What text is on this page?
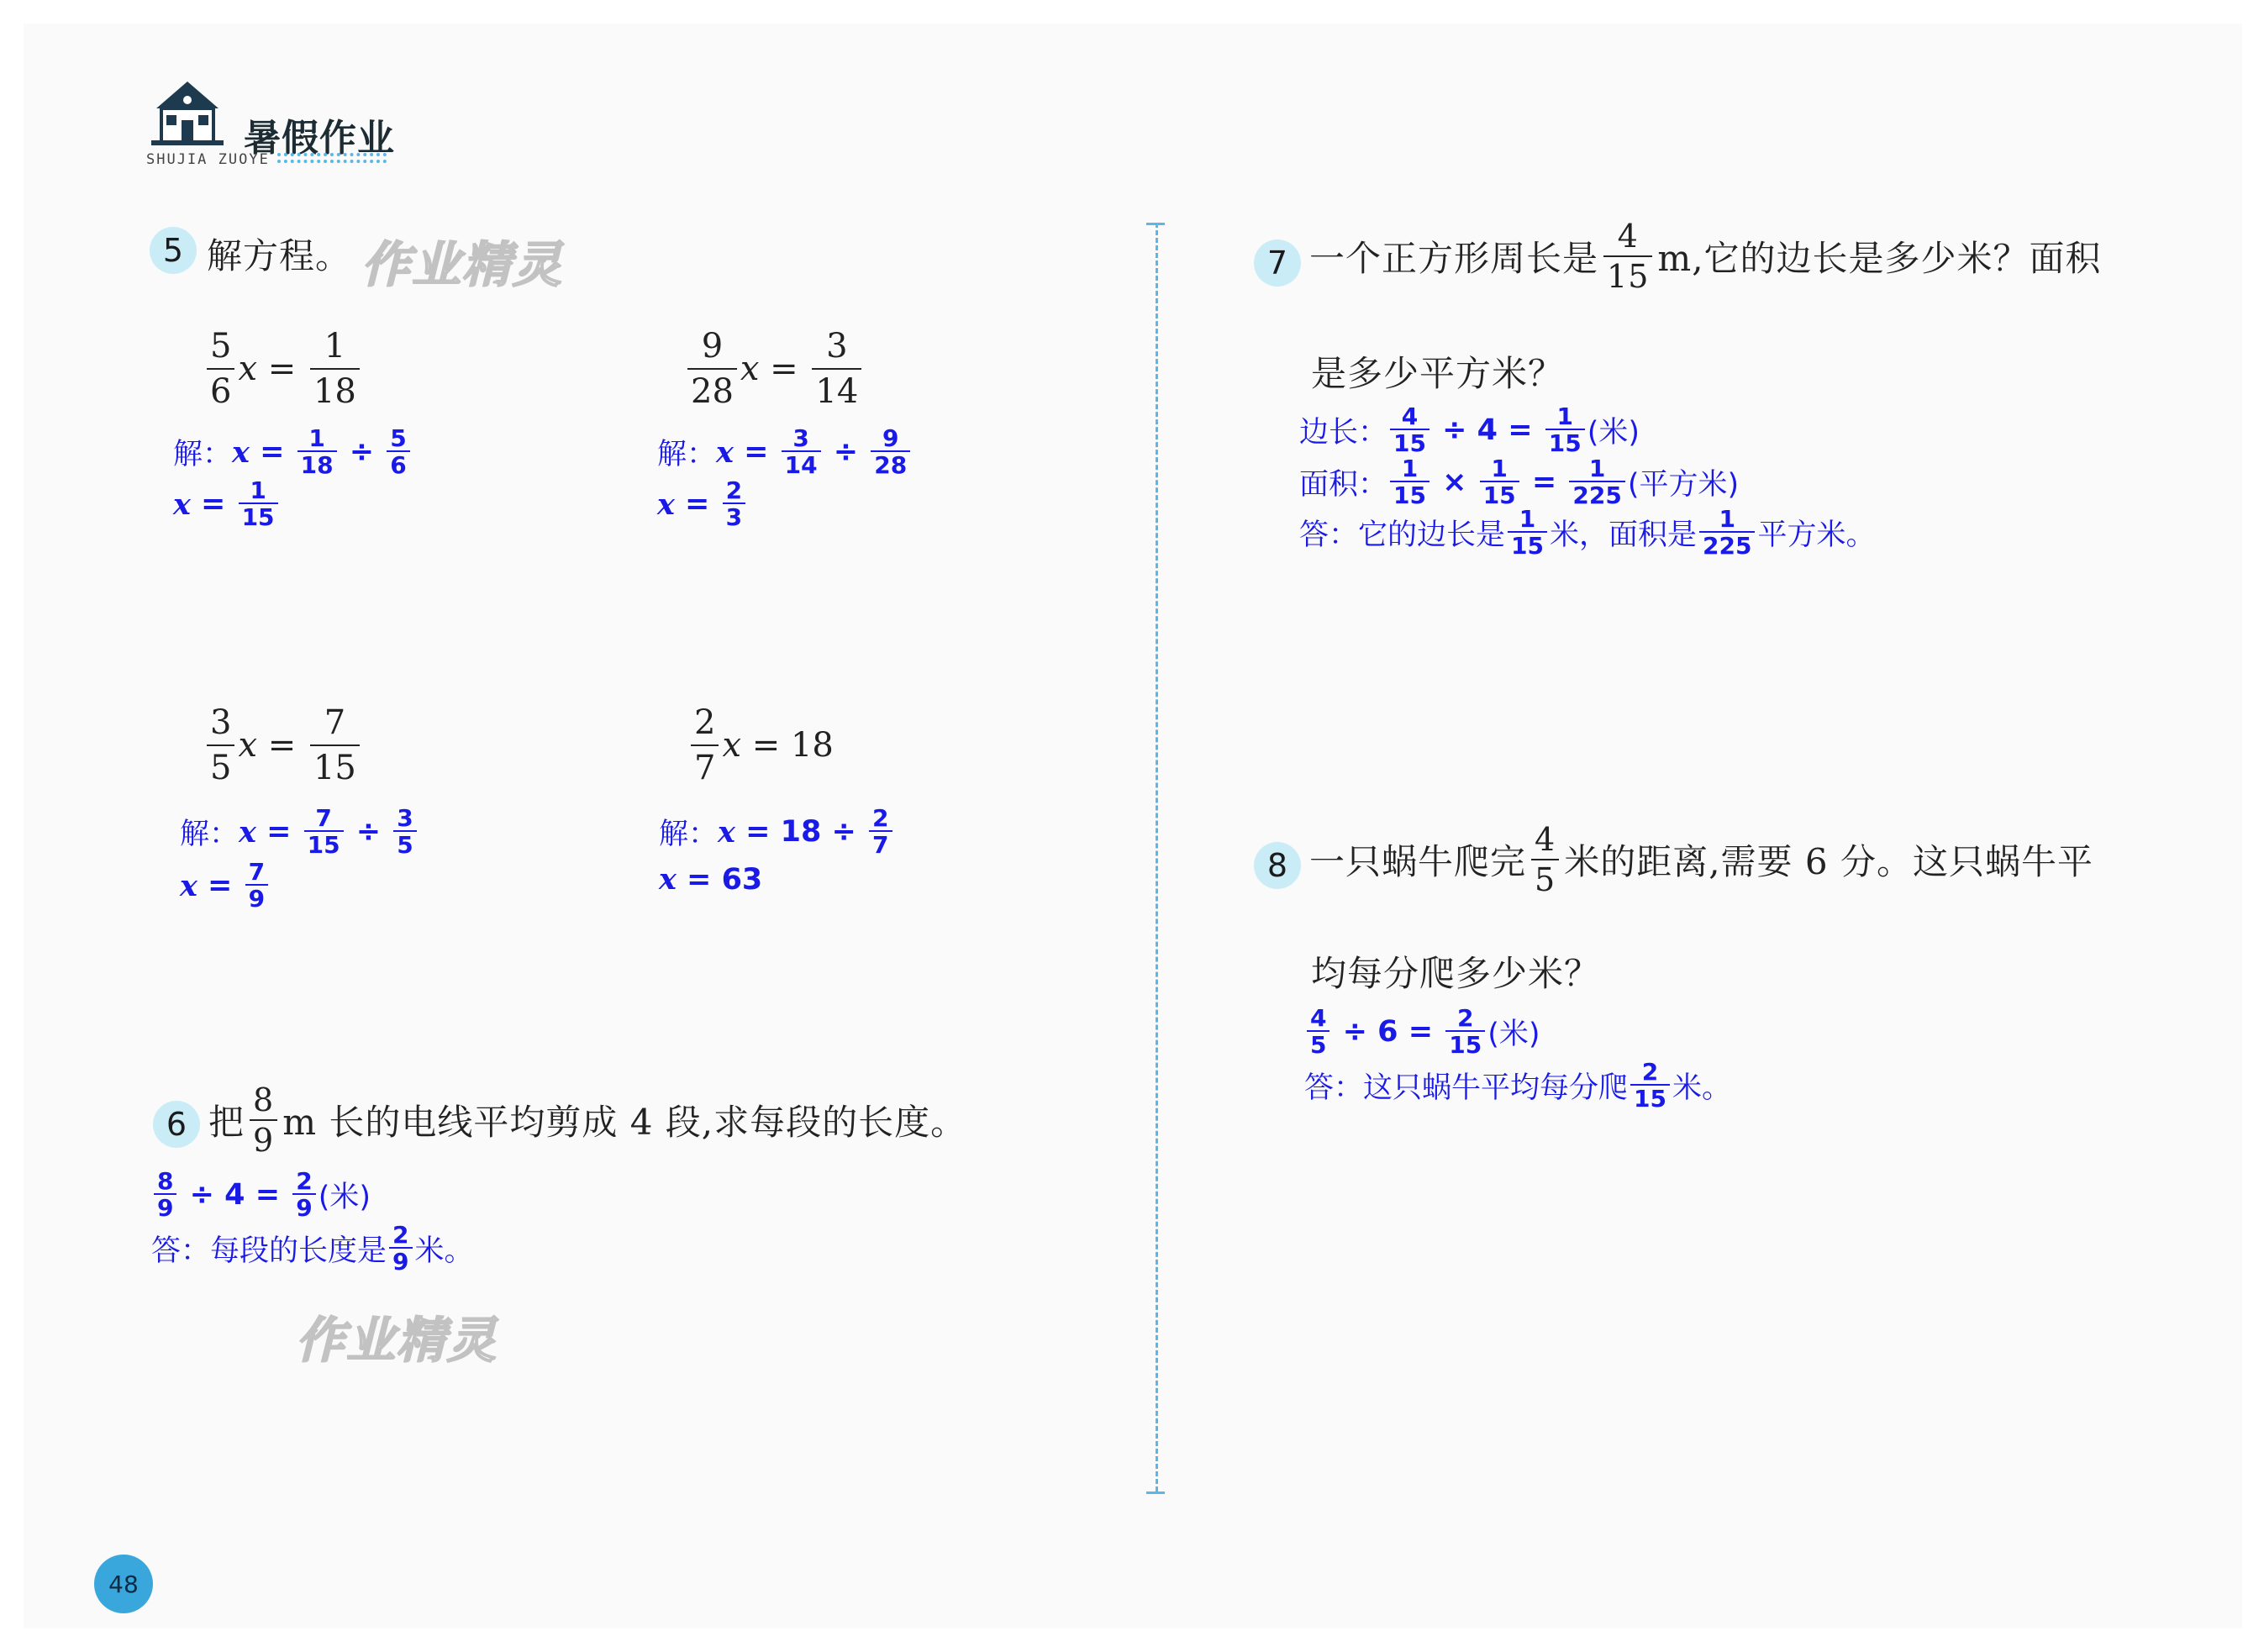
暑假作业
SHUJIA ZUOYE
5 解方程。 作业精灵
$\frac{5}{6}$ $x = \frac{1}{18}$
解： $x = \frac{1}{18}$
÷
$\frac{5}{6}$
$x = \frac{1}{15}$
$\frac{9}{28}$ $x = \frac{3}{14}$
解： $x = \frac{3}{14}$
÷
$\frac{9}{28}$
$x = \frac{2}{3}$
$\frac{3}{5}$ $x = \frac{7}{15}$
解： $x = \frac{7}{15}$
÷
$\frac{3}{5}$
$x = \frac{7}{9}$
$\frac{2}{7}$ x = 18
解： x = 18
÷
$\frac{2}{7}$
x = 63
6 把 $\frac{8}{9}$ m 长的电线平均剪成 4 段,求每段的长度。
$\frac{8}{9}$
÷ 4 =
$\frac{2}{9}$ (米)
答：每段的长度是 $\frac{2}{9}$ 米。
作业精灵
7 一个正方形周长是 $\frac{4}{15} m$,它的边长是多少米？面积
是多少平方米？
边长： $\frac{4}{15}$
÷ 4 =
$\frac{1}{15}$ (米)
面积： $\frac{1}{15}$
×
$\frac{1}{15}$
=
$\frac{1}{225}$ (平方米)
答：它的边长是 $\frac{1}{15}$ 米，面积是 $\frac{1}{225}$ 平方米。
8 一只蜗牛爬完 $\frac{4}{5}$ 米的距离,需要 6 分。这只蜗牛平
均每分爬多少米？
$\frac{4}{5}$
÷ 6 =
$\frac{2}{15}$ (米)
答：这只蜗牛平均每分爬 $\frac{2}{15}$ 米。
48
